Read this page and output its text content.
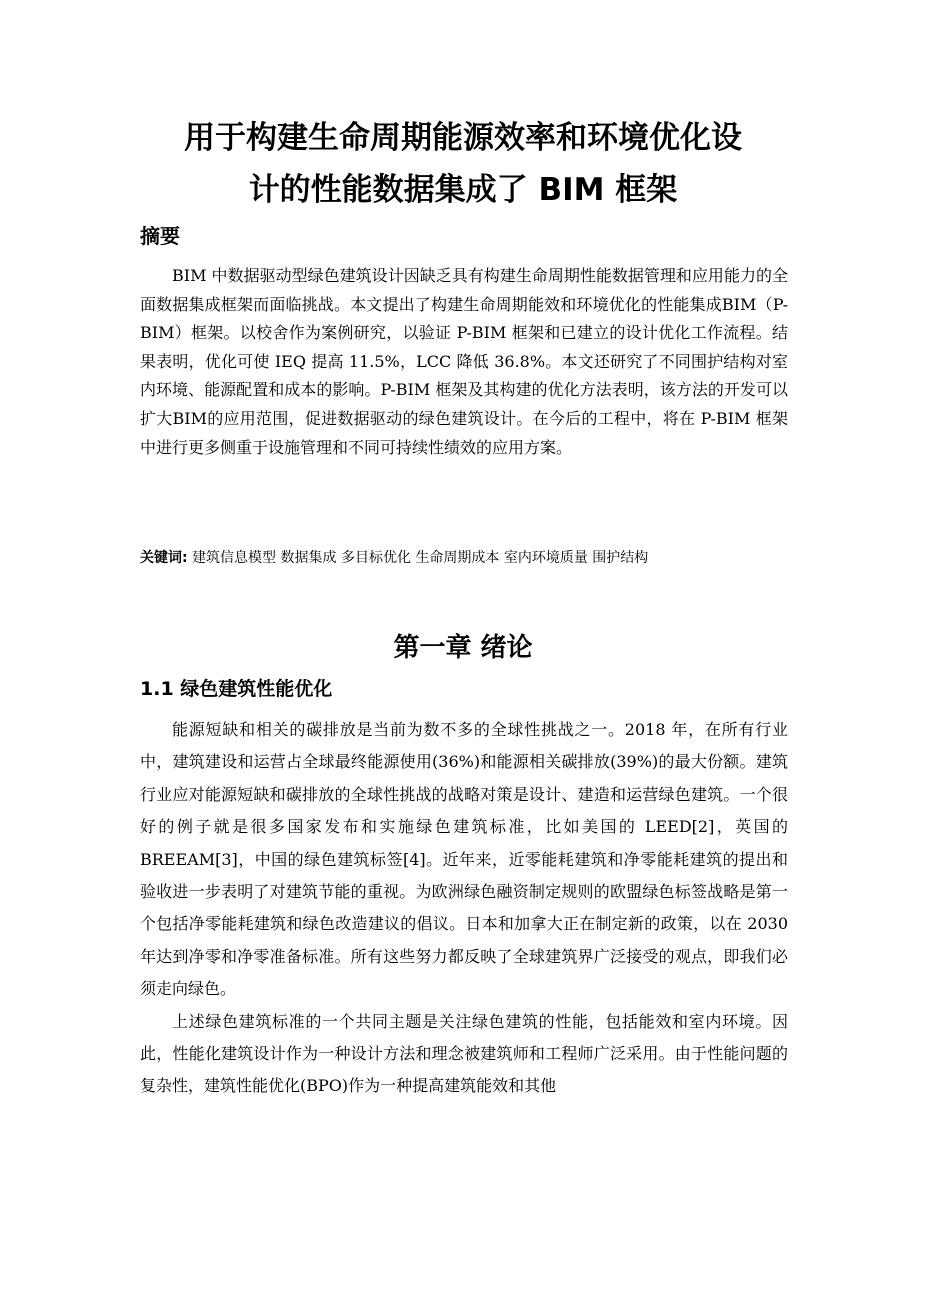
用于构建生命周期能源效率和环境优化设
计的性能数据集成了 BIM 框架
摘要

BIM 中数据驱动型绿色建筑设计因缺乏具有构建生命周期性能数据管理和应用能力的全面数据集成框架而面临挑战。本文提出了构建生命周期能效和环境优化的性能集成BIM（P-BIM）框架。以校舍作为案例研究，以验证 P-BIM 框架和已建立的设计优化工作流程。结果表明，优化可使 IEQ 提高 11.5%，LCC 降低 36.8%。本文还研究了不同围护结构对室内环境、能源配置和成本的影响。P-BIM 框架及其构建的优化方法表明，该方法的开发可以扩大BIM的应用范围，促进数据驱动的绿色建筑设计。在今后的工程中，将在 P-BIM 框架中进行更多侧重于设施管理和不同可持续性绩效的应用方案。

关键词: 建筑信息模型 数据集成 多目标优化 生命周期成本 室内环境质量 围护结构

第一章 绪论
1.1 绿色建筑性能优化

能源短缺和相关的碳排放是当前为数不多的全球性挑战之一。2018 年，在所有行业中，建筑建设和运营占全球最终能源使用(36%)和能源相关碳排放(39%)的最大份额。建筑行业应对能源短缺和碳排放的全球性挑战的战略对策是设计、建造和运营绿色建筑。一个很好的例子就是很多国家发布和实施绿色建筑标准，比如美国的 LEED[2]，英国的 BREEAM[3]，中国的绿色建筑标签[4]。近年来，近零能耗建筑和净零能耗建筑的提出和验收进一步表明了对建筑节能的重视。为欧洲绿色融资制定规则的欧盟绿色标签战略是第一个包括净零能耗建筑和绿色改造建议的倡议。日本和加拿大正在制定新的政策，以在 2030 年达到净零和净零准备标准。所有这些努力都反映了全球建筑界广泛接受的观点，即我们必须走向绿色。

上述绿色建筑标准的一个共同主题是关注绿色建筑的性能，包括能效和室内环境。因此，性能化建筑设计作为一种设计方法和理念被建筑师和工程师广泛采用。由于性能问题的复杂性，建筑性能优化(BPO)作为一种提高建筑能效和其他
